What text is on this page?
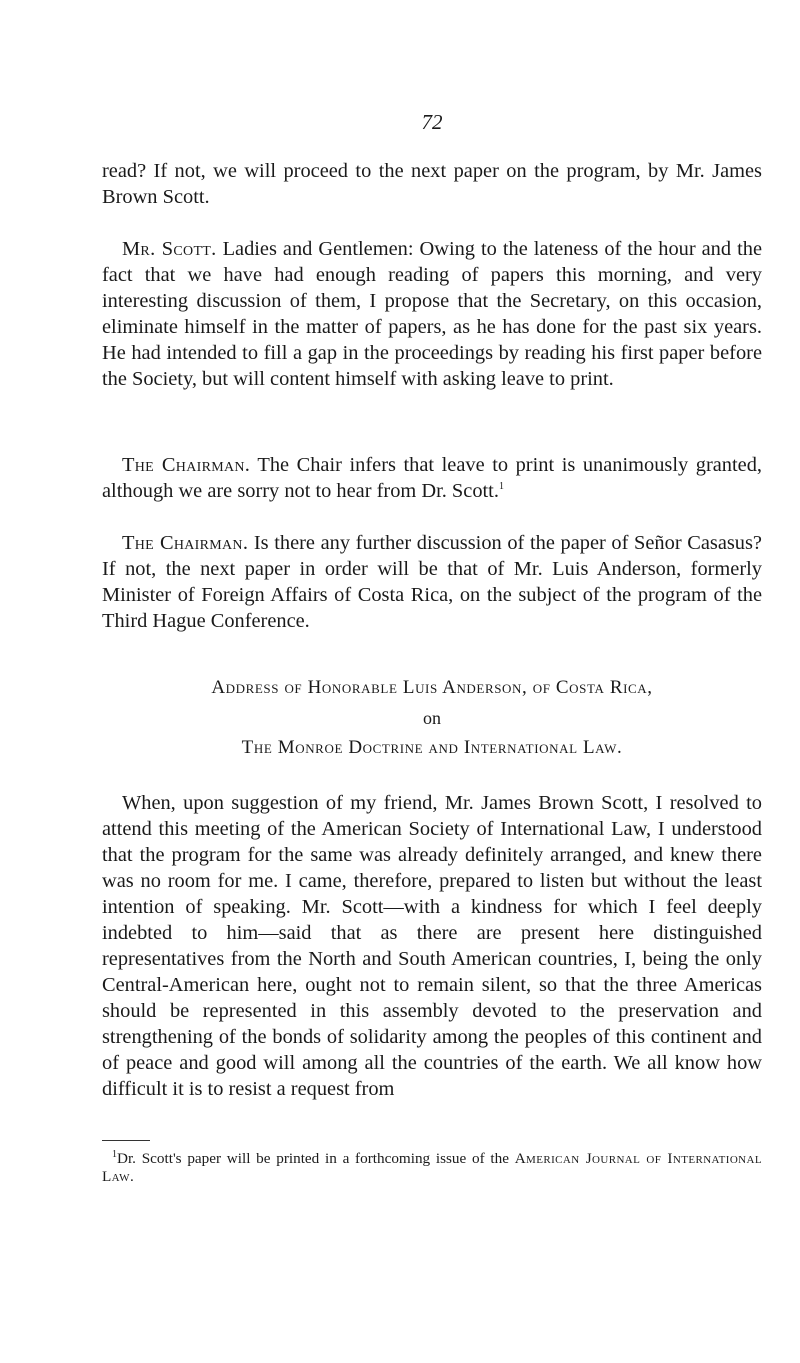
72

read? If not, we will proceed to the next paper on the program, by Mr. James Brown Scott.

Mr. Scott. Ladies and Gentlemen: Owing to the lateness of the hour and the fact that we have had enough reading of papers this morning, and very interesting discussion of them, I propose that the Secretary, on this occasion, eliminate himself in the matter of papers, as he has done for the past six years. He had intended to fill a gap in the proceedings by reading his first paper before the Society, but will content himself with asking leave to print.

The Chairman. The Chair infers that leave to print is unanimously granted, although we are sorry not to hear from Dr. Scott.$^1$

The Chairman. Is there any further discussion of the paper of Señor Casasus? If not, the next paper in order will be that of Mr. Luis Anderson, formerly Minister of Foreign Affairs of Costa Rica, on the subject of the program of the Third Hague Conference.

Address of Honorable Luis Anderson, of Costa Rica,

on

The Monroe Doctrine and International Law.

When, upon suggestion of my friend, Mr. James Brown Scott, I resolved to attend this meeting of the American Society of International Law, I understood that the program for the same was already definitely arranged, and knew there was no room for me. I came, therefore, prepared to listen but without the least intention of speaking. Mr. Scott—with a kindness for which I feel deeply indebted to him—said that as there are present here distinguished representatives from the North and South American countries, I, being the only Central-American here, ought not to remain silent, so that the three Americas should be represented in this assembly devoted to the preservation and strengthening of the bonds of solidarity among the peoples of this continent and of peace and good will among all the countries of the earth. We all know how difficult it is to resist a request from

$^1$Dr. Scott's paper will be printed in a forthcoming issue of the American Journal of International Law.
